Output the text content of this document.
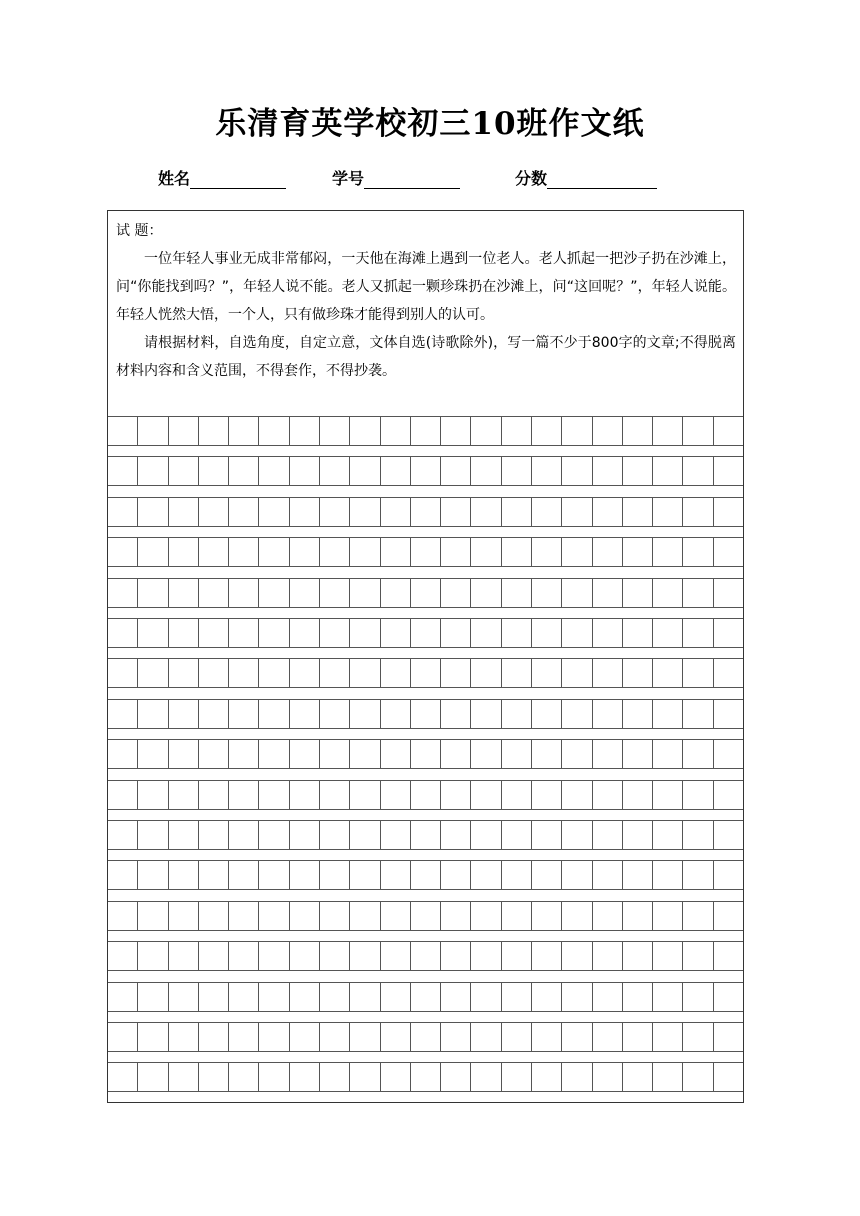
乐清育英学校初三10班作文纸
姓名	学号	分数
试 题：

一位年轻人事业无成非常郁闷，一天他在海滩上遇到一位老人。老人抓起一把沙子扔在沙滩上，问“你能找到吗？”，年轻人说不能。老人又抓起一颗珍珠扔在沙滩上，问“这回呢？”，年轻人说能。年轻人恍然大悟，一个人，只有做珍珠才能得到别人的认可。

请根据材料，自选角度，自定立意，文体自选(诗歌除外)，写一篇不少于800字的文章;不得脱离材料内容和含义范围，不得套作，不得抄袭。
